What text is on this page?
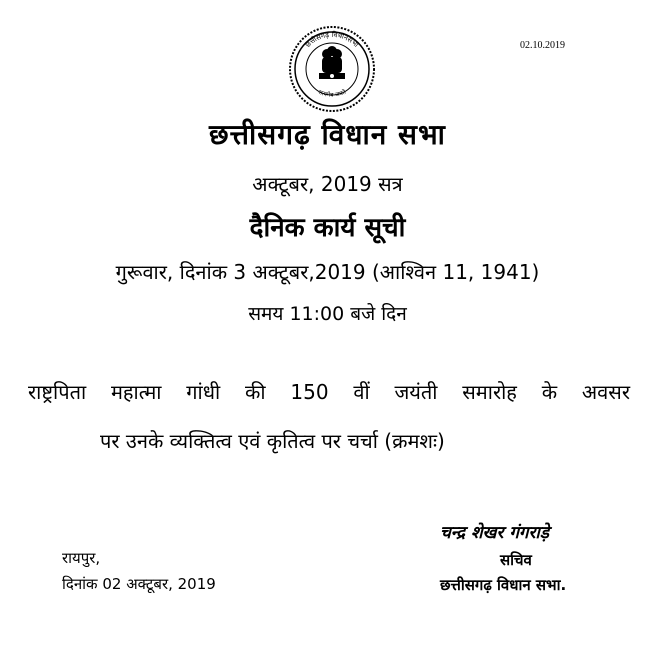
छत्तीसगढ़ विधानसभा
सत्यमेव जयते
02.10.2019
छत्तीसगढ़ विधान सभा
अक्टूबर, 2019 सत्र
दैनिक कार्य सूची
गुरूवार, दिनांक 3 अक्टूबर,2019 (आश्विन 11, 1941)
समय 11:00 बजे दिन
राष्ट्रपिता महात्मा गांधी की 150 वीं जयंती समारोह के अवसर
पर उनके व्यक्तित्व एवं कृतित्व पर चर्चा (क्रमशः)
चन्द्र शेखर गंगराड़े
सचिव
छत्तीसगढ़ विधान सभा.
रायपुर,
दिनांक 02 अक्टूबर, 2019
